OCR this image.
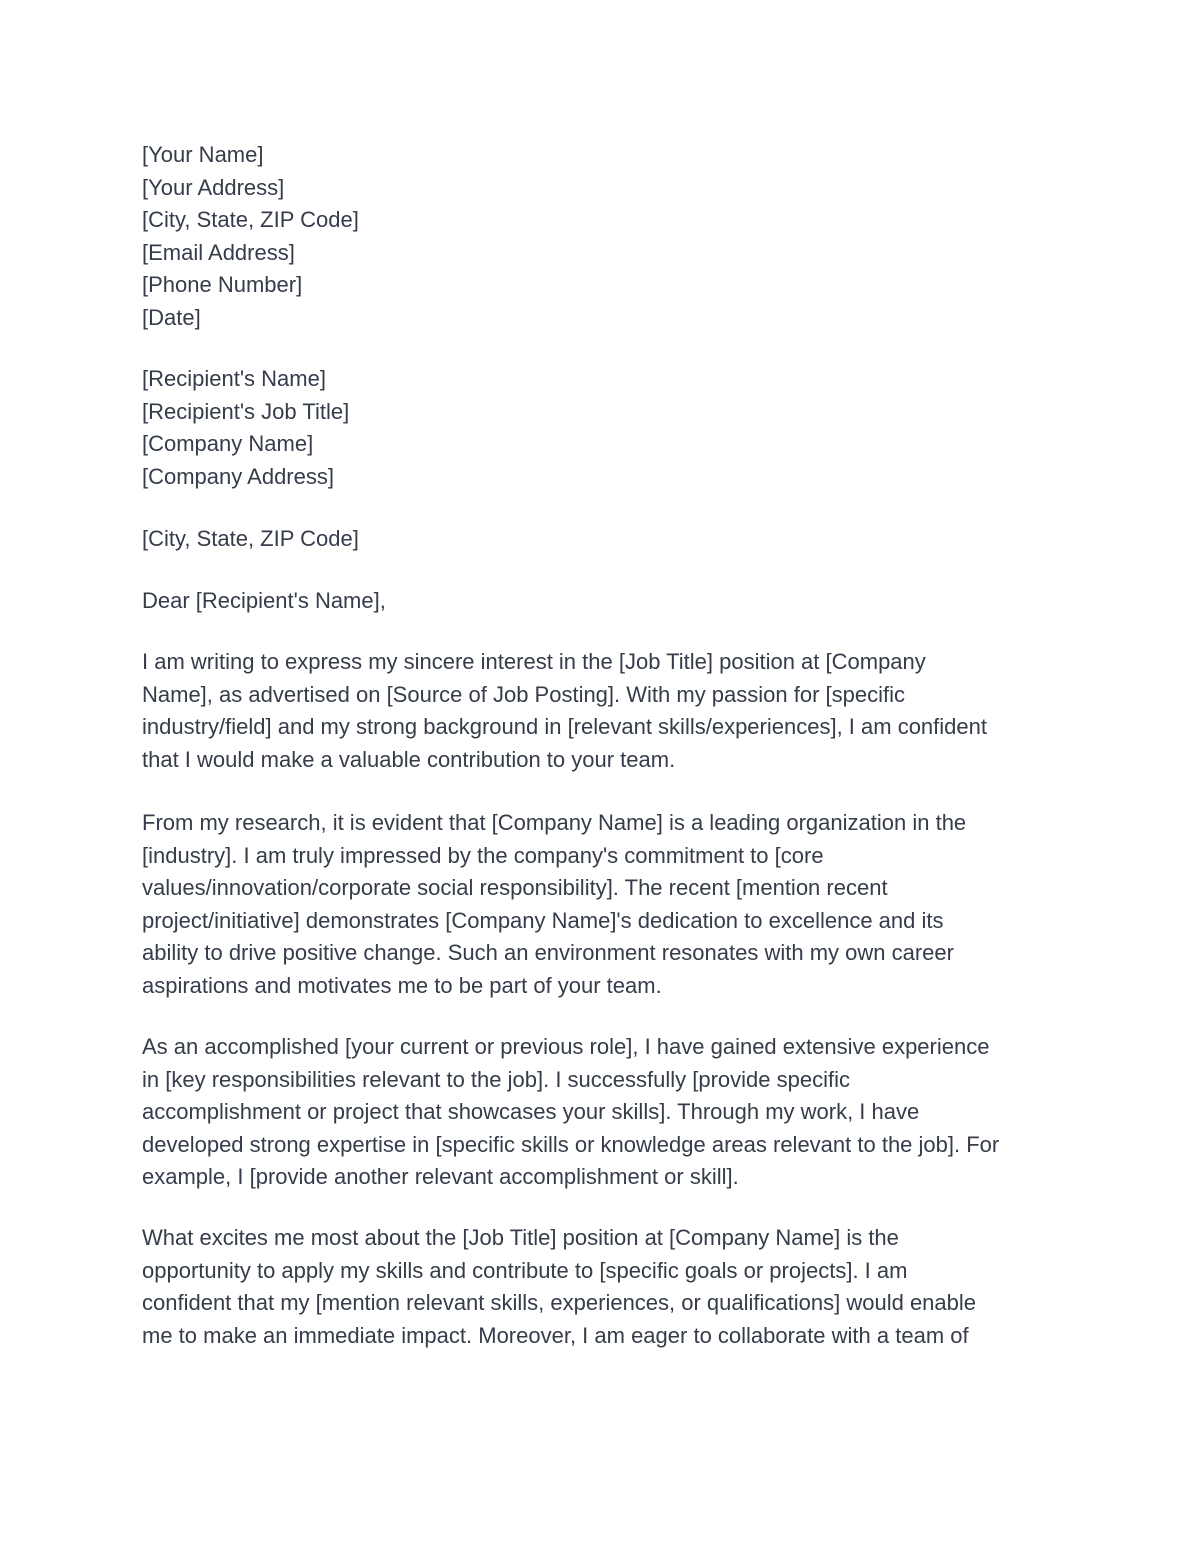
[Your Name]
[Your Address]
[City, State, ZIP Code]
[Email Address]
[Phone Number]
[Date]
[Recipient's Name]
[Recipient's Job Title]
[Company Name]
[Company Address]
[City, State, ZIP Code]
Dear [Recipient's Name],
I am writing to express my sincere interest in the [Job Title] position at [Company
Name], as advertised on [Source of Job Posting]. With my passion for [specific
industry/field] and my strong background in [relevant skills/experiences], I am confident
that I would make a valuable contribution to your team.
From my research, it is evident that [Company Name] is a leading organization in the
[industry]. I am truly impressed by the company's commitment to [core
values/innovation/corporate social responsibility]. The recent [mention recent
project/initiative] demonstrates [Company Name]'s dedication to excellence and its
ability to drive positive change. Such an environment resonates with my own career
aspirations and motivates me to be part of your team.
As an accomplished [your current or previous role], I have gained extensive experience
in [key responsibilities relevant to the job]. I successfully [provide specific
accomplishment or project that showcases your skills]. Through my work, I have
developed strong expertise in [specific skills or knowledge areas relevant to the job]. For
example, I [provide another relevant accomplishment or skill].
What excites me most about the [Job Title] position at [Company Name] is the
opportunity to apply my skills and contribute to [specific goals or projects]. I am
confident that my [mention relevant skills, experiences, or qualifications] would enable
me to make an immediate impact. Moreover, I am eager to collaborate with a team of
